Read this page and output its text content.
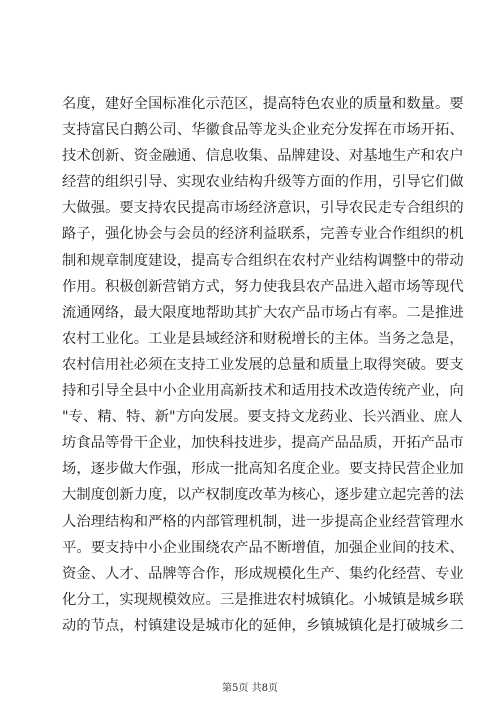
名度，建好全国标准化示范区，提高特色农业的质量和数量。要
支持富民白鹅公司、华徽食品等龙头企业充分发挥在市场开拓、
技术创新、资金融通、信息收集、品牌建设、对基地生产和农户
经营的组织引导、实现农业结构升级等方面的作用，引导它们做
大做强。要支持农民提高市场经济意识，引导农民走专合组织的
路子，强化协会与会员的经济利益联系，完善专业合作组织的机
制和规章制度建设，提高专合组织在农村产业结构调整中的带动
作用。积极创新营销方式，努力使我县农产品进入超市场等现代
流通网络，最大限度地帮助其扩大农产品市场占有率。二是推进
农村工业化。工业是县域经济和财税增长的主体。当务之急是，
农村信用社必须在支持工业发展的总量和质量上取得突破。要支
持和引导全县中小企业用高新技术和适用技术改造传统产业，向
"专、精、特、新"方向发展。要支持文龙药业、长兴酒业、庶人
坊食品等骨干企业，加快科技进步，提高产品品质，开拓产品市
场，逐步做大作强，形成一批高知名度企业。要支持民营企业加
大制度创新力度，以产权制度改革为核心，逐步建立起完善的法
人治理结构和严格的内部管理机制，进一步提高企业经营管理水
平。要支持中小企业围绕农产品不断增值，加强企业间的技术、
资金、人才、品牌等合作，形成规模化生产、集约化经营、专业
化分工，实现规模效应。三是推进农村城镇化。小城镇是城乡联
动的节点，村镇建设是城市化的延伸，乡镇城镇化是打破城乡二
第5页 共8页
